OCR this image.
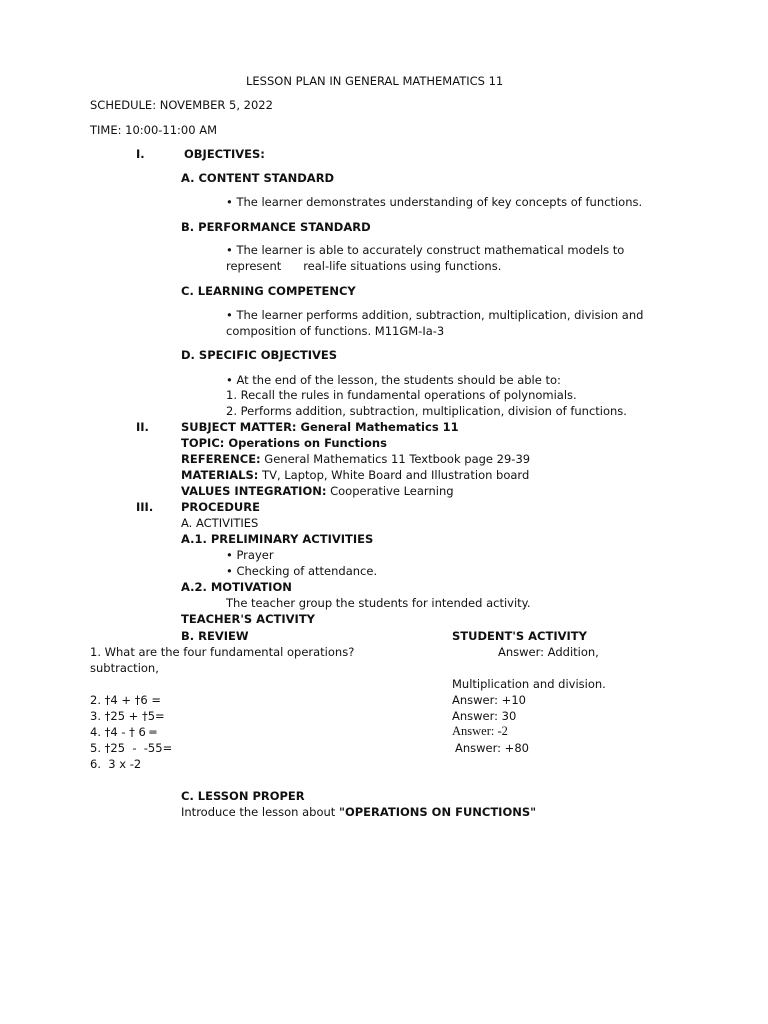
LESSON PLAN IN GENERAL MATHEMATICS 11
SCHEDULE: NOVEMBER 5, 2022
TIME: 10:00-11:00 AM
I.	OBJECTIVES:
A. CONTENT STANDARD
• The learner demonstrates understanding of key concepts of functions.
B. PERFORMANCE STANDARD
• The learner is able to accurately construct mathematical models to
represent      real-life situations using functions.
C. LEARNING COMPETENCY
• The learner performs addition, subtraction, multiplication, division and
composition of functions. M11GM-Ia-3
D. SPECIFIC OBJECTIVES
• At the end of the lesson, the students should be able to:
1. Recall the rules in fundamental operations of polynomials.
2. Performs addition, subtraction, multiplication, division of functions.
II.	SUBJECT MATTER: General Mathematics 11
TOPIC: Operations on Functions
REFERENCE: General Mathematics 11 Textbook page 29-39
MATERIALS: TV, Laptop, White Board and Illustration board
VALUES INTEGRATION: Cooperative Learning
III. PROCEDURE
A. ACTIVITIES
A.1. PRELIMINARY ACTIVITIES
• Prayer
• Checking of attendance.
A.2. MOTIVATION
The teacher group the students for intended activity.
TEACHER'S ACTIVITY
B. REVIEW	STUDENT'S ACTIVITY
1. What are the four fundamental operations?	Answer: Addition,
subtraction,
Multiplication and division.
2. †4 + †6 =	Answer: +10
3. †25 + †5=	Answer: 30
4. †4 - † 6 ═	Answer: -2
5. †25  -  -55=	Answer: +80
6.  3 x -2
C. LESSON PROPER
Introduce the lesson about "OPERATIONS ON FUNCTIONS"
